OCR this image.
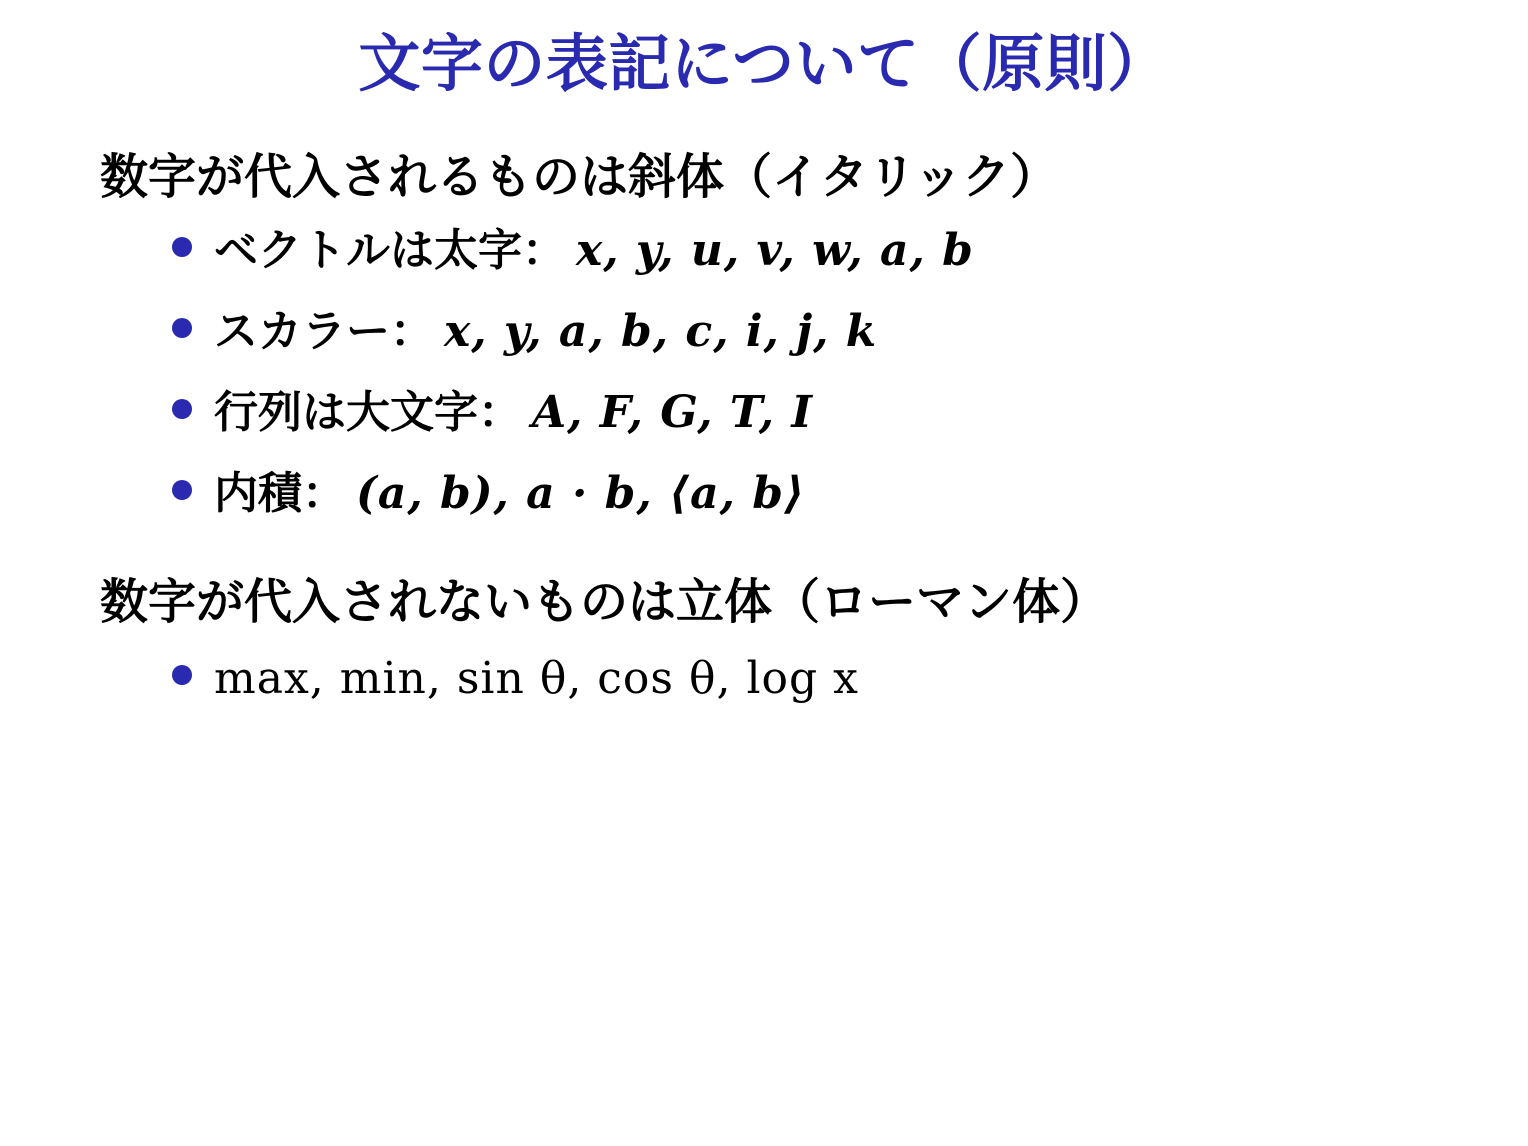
文字の表記について（原則）
数字が代入されるものは斜体（イタリック）
ベクトルは太字： x, y, u, v, w, a, b
スカラー： x, y, a, b, c, i, j, k
行列は大文字： A, F, G, T, I
内積： (a, b), a · b, ⟨a, b⟩
数字が代入されないものは立体（ローマン体）
max, min, sin θ, cos θ, log x
